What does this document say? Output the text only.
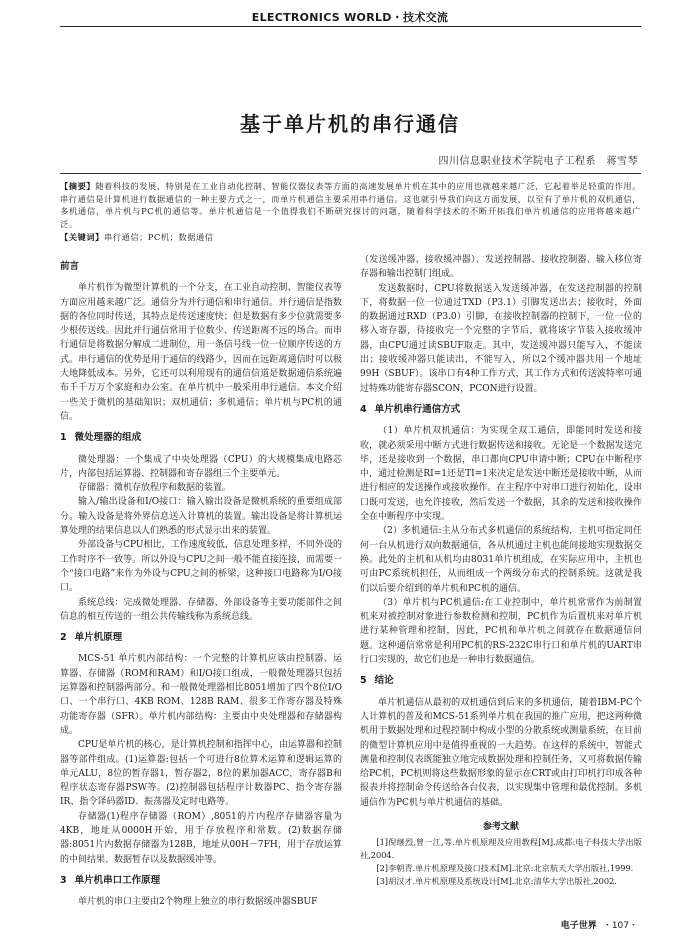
ELECTRONICS WORLD・技术交流
基于单片机的串行通信
四川信息职业技术学院电子工程系　蒋雪琴
【摘要】随着科技的发展，特别是在工业自动化控制、智能仪器仪表等方面的高速发展单片机在其中的应用也就越来越广泛，它起着举足轻重的作用。串行通信是计算机进行数据通信的一种主要方式之一，而单片机通信主要采用串行通信。这也就引导我们向这方面发展，以至有了单片机的双机通信，多机通信，单片机与PC机的通信等。单片机通信是一个值得我们不断研究探讨的问题，随着科学技术的不断开拓我们单片机通信的应用将越来越广泛。
【关键词】串行通信；PC机；数据通信
前言

单片机作为微型计算机的一个分支，在工业自动控制、智能仪表等方面应用越来越广泛。通信分为并行通信和串行通信。并行通信是指数据的各位同时传送，其特点是传送速度快；但是数据有多少位就需要多少根传送线。因此并行通信常用于位数少、传送距离不远的场合。而串行通信是将数据分解成二进制位，用一条信号线一位一位顺序传送的方式。串行通信的优势是用于通信的线路少，因而在远距离通信时可以极大地降低成本。另外，它还可以利用现有的通信信道是数据通信系统遍布千千万万个家庭和办公室。在单片机中一般采用串行通信。本文介绍一些关于微机的基础知识；双机通信；多机通信；单片机与PC机的通信。

1 微处理器的组成

微处理器：一个集成了中央处理器（CPU）的大规模集成电路芯片，内部包括运算器、控制器和寄存器组三个主要单元。

存储器：微机存放程序和数据的装置。

输入/输出设备和I/O接口：输入输出设备是微机系统的重要组成部分。输入设备是将外界信息送入计算机的装置。输出设备是将计算机运算处理的结果信息以人们熟悉的形式显示出来的装置。

外部设备与CPU相比，工作速度较低，信息处理多样，不同外设的工作时序不一致等。所以外设与CPU之间一般不能直接连接，而需要一个“接口电路”来作为外设与CPU之间的桥梁，这种接口电路称为I/O接口。

系统总线：完成微处理器、存储器、外部设备等主要功能部件之间信息的相互传送的一组公共传输线称为系统总线。

2 单片机原理

MCS-51 单片机内部结构：一个完整的计算机应该由控制器、运算器、存储器（ROM和RAM）和I/O接口组成，一般微处理器只包括运算器和控制器两部分。和一般微处理器相比8051增加了四个8位I/O口、一个串行口、4KB ROM、128B RAM、很多工作寄存器及特殊功能寄存器（SFR）。单片机内部结构：主要由中央处理器和存储器构成。

CPU是单片机的核心，是计算机控制和指挥中心，由运算器和控制器等部件组成。(1)运算器:包括一个可进行8位算术运算和逻辑运算的单元ALU，8位的暂存器1，暂存器2，8位的累加器ACC，寄存器B和程序状态寄存器PSW等。(2)控制器包括程序计数器PC、指令寄存器IR、指令译码器ID、振荡器及定时电路等。

存储器(1)程序存储器（ROM）,8051的片内程序存储器容量为4KB，地址从0000H开始，用于存放程序和常数。(2)数据存储器:8051片内数据存储器为128B，地址从00H－7FH，用于存放运算的中间结果、数据暂存以及数据缓冲等。

3 单片机串口工作原理

单片机的串口主要由2个物理上独立的串行数据缓冲器SBUF

（发送缓冲器、接收缓冲器）、发送控制器、接收控制器、输入移位寄存器和输出控制门组成。

发送数据时，CPU将数据送入发送缓冲器，在发送控制器的控制下，将数据一位一位通过TXD（P3.1）引脚发送出去；接收时，外面的数据通过RXD（P3.0）引脚，在接收控制器的控制下，一位一位的移入寄存器，待接收完一个完整的字节后，就将该字节装入接收缓冲器，由CPU通过读SBUF取走。其中，发送缓冲器只能写入，不能读出；接收缓冲器只能读出，不能写入，所以2个缓冲器共用一个地址99H（SBUF）。该串口有4种工作方式，其工作方式和传送波特率可通过特殊功能寄存器SCON，PCON进行设置。

4 单片机串行通信方式

（1）单片机双机通信：为实现全双工通信，即能同时发送和接收，就必须采用中断方式进行数据传送和接收。无论是一个数据发送完毕，还是接收到一个数据，串口都向CPU申请中断；CPU在中断程序中，通过检测是RI=1还是TI=1来决定是发送中断还是接收中断，从而进行相应的发送操作或接收操作。在主程序中对串口进行初始化，设串口既可发送，也允许接收，然后发送一个数据，其余的发送和接收操作全在中断程序中实现。

（2）多机通信:主从分布式多机通信的系统结构，主机可指定同任何一台从机进行双向数据通信，各从机通过主机也能间接地实现数据交换。此处的主机和从机均由8031单片机组成，在实际应用中，主机也可由PC系统机担任，从而组成一个两级分布式的控制系统。这就是我们以后要介绍到的单片机和PC机的通信。

（3）单片机与PC机通信:在工业控制中，单片机常常作为前制置机来对被控制对象进行参数检测和控制，PC机作为后置机来对单片机进行某种管理和控制，因此，PC机和单片机之间就存在数据通信问题。这种通信常常是利用PC机的RS-232C串行口和单片机的UART串行口实现的，故它们也是一种串行数据通信。

5 结论

单片机通信从最初的双机通信到后来的多机通信，随着IBM-PC个人计算机的普及和MCS-51系列单片机在我国的推广应用，把这两种微机用于数据处理和过程控制中构成小型的分散系统或测量系统，在目前的微型计算机应用中是值得重视的一大趋势。在这样的系统中，智能式测量和控制仪表既能独立地完成数据处理和控制任务，又可将数据传输给PC机，PC机则将这些数据形象的显示在CRT或由打印机打印成各种报表并将控制命令传送给各台仪表，以实现集中管理和最优控制。多机通信作为PC机与单片机通信的基础。

参考文献

[1]倪继烈,曾一江,等.单片机原理及应用教程[M].成都:电子科技大学出版社,2004.

[2]李朝青.单片机原理及接口技术[M].北京:北京航天大学出版社,1999.

[3]胡汉才.单片机原理及系统设计[M].北京:清华大学出版社,2002.

电子世界 ・107・
